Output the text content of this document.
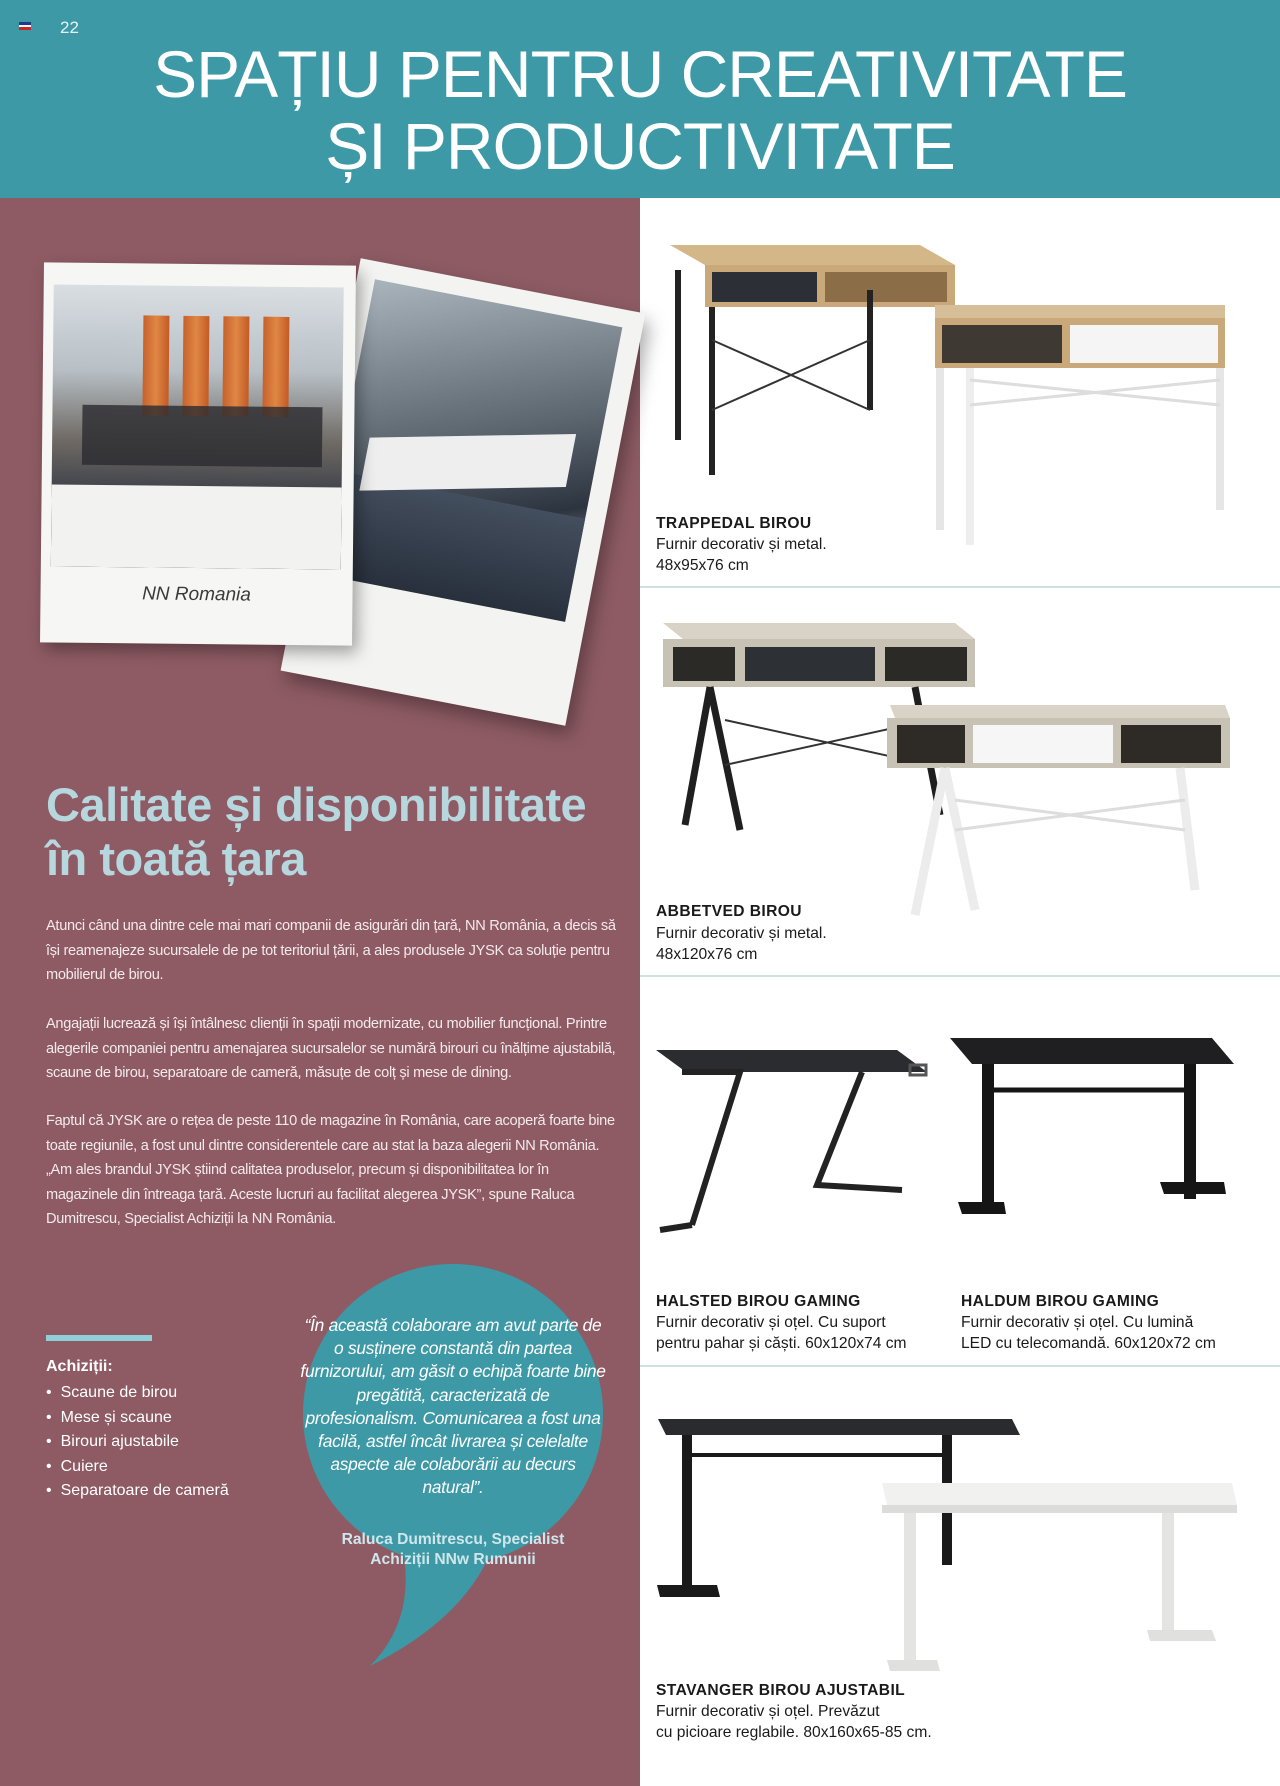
22
SPAȚIU PENTRU CREATIVITATE
ȘI PRODUCTIVITATE
NN Romania
Calitate și disponibilitate
în toată țara

Atunci când una dintre cele mai mari companii de asigurări din țară, NN România, a decis să își reamenajeze sucursalele de pe tot teritoriul țării, a ales produsele JYSK ca soluție pentru mobilierul de birou.

Angajații lucrează și își întâlnesc clienții în spații modernizate, cu mobilier funcțional. Printre alegerile companiei pentru amenajarea sucursalelor se numără birouri cu înălțime ajustabilă, scaune de birou, separatoare de cameră, măsuțe de colț și mese de dining.

Faptul că JYSK are o rețea de peste 110 de magazine în România, care acoperă foarte bine toate regiunile, a fost unul dintre considerentele care au stat la baza alegerii NN România. „Am ales brandul JYSK știind calitatea produselor, precum și disponibilitatea lor în magazinele din întreaga țară. Aceste lucruri au facilitat alegerea JYSK”, spune Raluca Dumitrescu, Specialist Achiziții la NN România.

Achiziții:
• Scaune de birou
• Mese și scaune
• Birouri ajustabile
• Cuiere
• Separatoare de cameră

“În această colaborare am avut parte de o susținere constantă din partea furnizorului, am găsit o echipă foarte bine pregătită, caracterizată de profesionalism. Comunicarea a fost una facilă, astfel încât livrarea și celelalte aspecte ale colaborării au decurs natural”.

Raluca Dumitrescu, Specialist Achiziții NNw Rumunii

TRAPPEDAL BIROU
Furnir decorativ și metal.
48x95x76 cm
ABBETVED BIROU
Furnir decorativ și metal.
48x120x76 cm
HALSTED BIROU GAMING
Furnir decorativ și oțel. Cu suport
pentru pahar și căști. 60x120x74 cm
HALDUM BIROU GAMING
Furnir decorativ și oțel. Cu lumină
LED cu telecomandă. 60x120x72 cm
STAVANGER BIROU AJUSTABIL
Furnir decorativ și oțel. Prevăzut
cu picioare reglabile. 80x160x65-85 cm.
